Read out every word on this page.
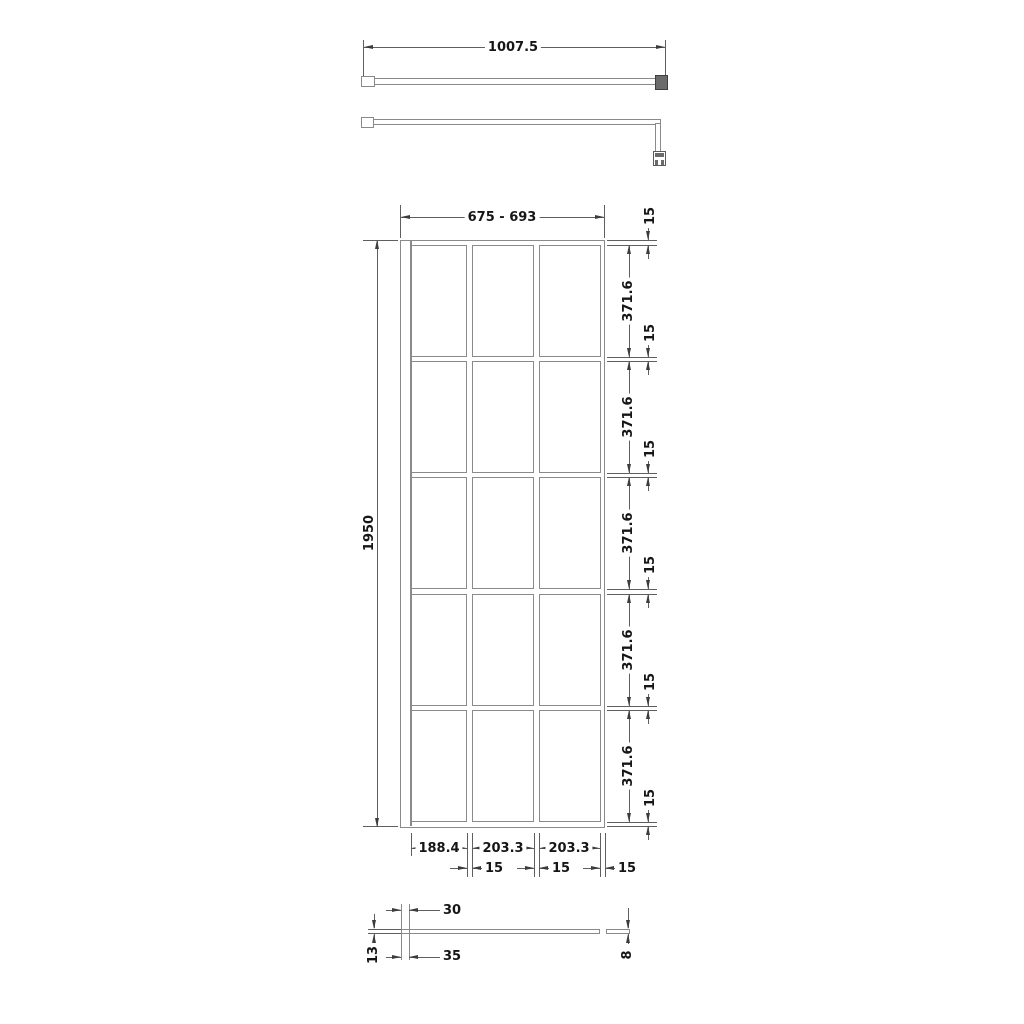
1007.5
675 - 693
1950
15
15
15
15
15
15
371.6
371.6
371.6
371.6
371.6
188.4 203.3 203.3
15	15	15
30
35
13	8
